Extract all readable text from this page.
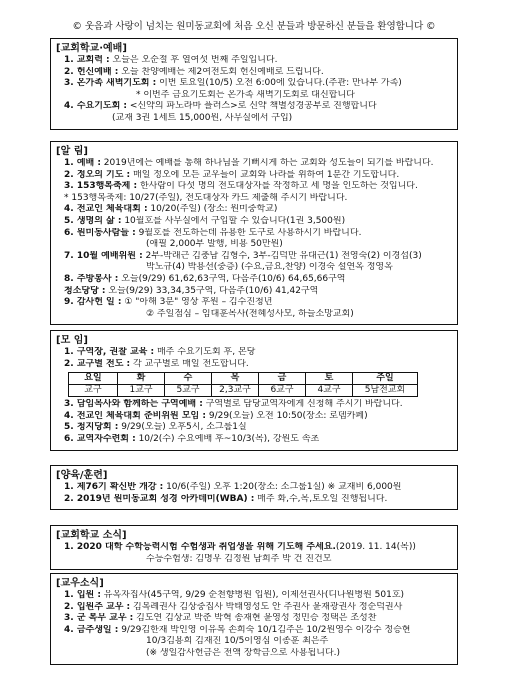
© 웃음과 사랑이 넘치는 원미동교회에 처음 오신 분들과 방문하신 분들을 환영합니다 ©
[교회학교·예배]
1. 교회력 : 오늘은 오순절 후 열여섯 번째 주일입니다.
2. 헌신예배 : 오늘 찬양예배는 제2여전도회 헌신예배로 드립니다.
3. 온가족 새벽기도회 : 이번 토요일(10/5) 오전 6:00에 있습니다.(주관: 만나부 가족)
* 이번주 금요기도회는 온가족 새벽기도회로 대신합니다
4. 수요기도회 : <신약의 파노라마 플러스>로 신약 책별성경공부로 진행합니다
(교재 3권 1세트 15,000원, 사무실에서 구입)
[알 림]
1. 예배 : 2019년에는 예배를 통해 하나님을 기뻐시게 하는 교회와 성도들이 되기를 바랍니다.
2. 정오의 기도 : 매일 정오에 모든 교우들이 교회와 나라를 위하여 1분간 기도합니다.
3. 153행복축제 : 한사람이 다섯 명의 전도대상자를 작정하고 세 명을 인도하는 것입니다.
* 153행복축제: 10/27(주일), 전도대상자 카드 제출해 주시기 바랍니다.
4. 전교인 체육대회 : 10/20(주일) (장소: 원미중학교)
5. 생명의 삶 : 10월호를 사무실에서 구입할 수 있습니다(1권 3,500원)
6. 원미동사람들 : 9월호를 전도하는데 유용한 도구로 사용하시기 바랍니다.
(애필 2,000부 발행, 비용 50만원)
7. 10월 예배위원 : 2부-박래근 김충남 김형수, 3부-김덕만 유대근(1) 전영숙(2) 이경섭(3)
박노규(4) 박용선(중층) (수요,금요,찬양) 이경숙 설연옥 정영옥
8. 주방봉사 : 오늘(9/29) 61,62,63구역, 다음주(10/6) 64,65,66구역
청소당당 : 오늘(9/29) 33,34,35구역, 다음주(10/6) 41,42구역
9. 감사헌 일 : ① "아해 3분" 영상 후원 – 김수진청년
② 주일점심 – 임대훈목사(전혜성사모, 하늘소망교회)
[모 임]
1. 구역장, 권찰 교육 : 매주 수요기도회 후, 본당
2. 교구별 전도 : 각 교구별로 매일 전도합니다.
요일	화	수	목	금	토	주일
교구	1교구	5교구	2,3교구	6교구	4교구	5남전교회
3. 담임목사와 함께하는 구역예배 : 구역별로 담당교역자에게 신청해 주시기 바랍니다.
4. 전교인 체육대회 준비위원 모임 : 9/29(오늘) 오전 10:50(장소: 로뎀카페)
5. 청지당회 : 9/29(오늘) 오후5시, 소그룹1실
6. 교역자수련회 : 10/2(수) 수요예배 후~10/3(목), 강원도 속초
[양육/훈련]
1. 제76기 확신반 개강 : 10/6(주일) 오후 1:20(장소: 소그룹1실) ※ 교재비 6,000원
2. 2019년 원미동교회 성경 아카데미(WBA) : 매주 화,수,목,토오일 진행됩니다.
[교회학교 소식]
1. 2020 대학 수학능력시험 수험생과 취업생을 위해 기도해 주세요.(2019. 11. 14(목))
수능수험생: 김명우 김정원 남희주 박 건 진건모
[교우소식]
1. 입원 : 유옥자집사(45구역, 9/29 순천향병원 입원), 이제선권사(디나원병원 501호)
2. 입원주 교우 : 김복례권사 김상중집사 박태영성도 안 주권사 윤재광권사 정순덕권사
3. 군 복무 교우 : 김도연 김상교 박준 박혁 송재현 윤영성 정민승 정택은 조성찬
4. 금주생일 : 9/29김한재 박인영 이유복 손희숙 10/1김주은 10/2원영수 이강수 정승현
10/3김용희 김재진 10/5이영심 이종훈 최은주
(※ 생일감사헌금은 전액 장학금으로 사용됩니다.)
